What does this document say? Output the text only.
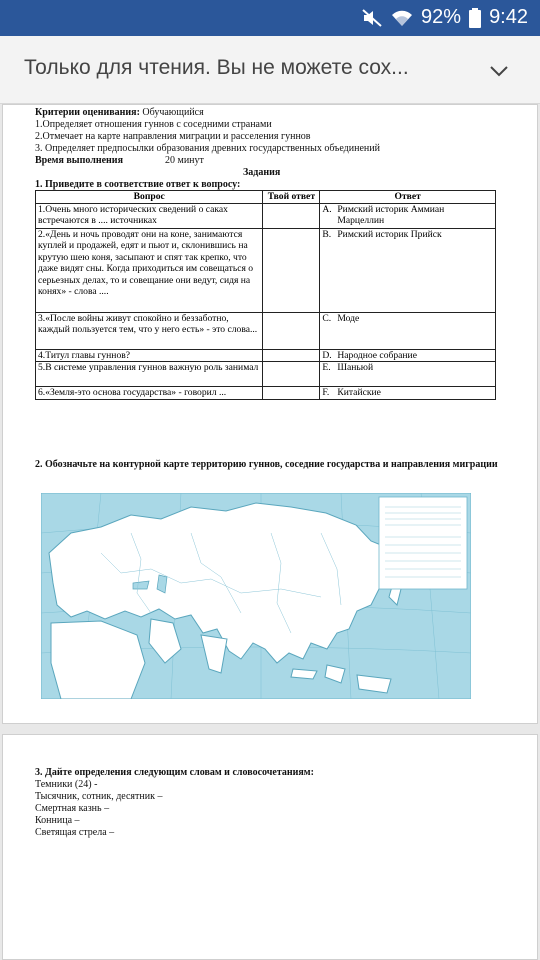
92% 9:42
Только для чтения. Вы не можете сох...
Критерии оценивания: Обучающийся
1.Определяет отношения гуннов с соседними странами
2.Отмечает на карте направления миграции и расселения гуннов
3. Определяет предпосылки образования древних государственных объединений
Время выполнения	20 минут
Задания
1. Приведите в соответствие ответ к вопросу:
Вопрос	Твой ответ	Ответ
1.Очень много исторических сведений о саках встречаются в .... источниках		A. Римский историк Аммиан Марцеллин

2.«День и ночь проводят они на коне, занимаются куплей и продажей, едят и пьют и, склонившись на крутую шею коня, засыпают и спят так крепко, что даже видят сны. Когда приходиться им совещаться о серьезных делах, то и совещание они ведут, сидя на конях» - слова ....		B. Римский историк Прийск

3.«После войны живут спокойно и беззаботно, каждый пользуется тем, что у него есть» - это слова...		C. Моде

4.Титул главы гуннов?		D. Народное собрание

5.В системе управления гуннов важную роль занимал		E. Шаньюй

6.«Земля-это основа государства» - говорил ...		F. Китайские
2. Обозначьте на контурной карте территорию гуннов, соседние государства и направления миграции
3. Дайте определения следующим словам и словосочетаниям:
Темники (24) -
Тысячник, сотник, десятник –
Смертная казнь –
Конница –
Светящая стрела –
